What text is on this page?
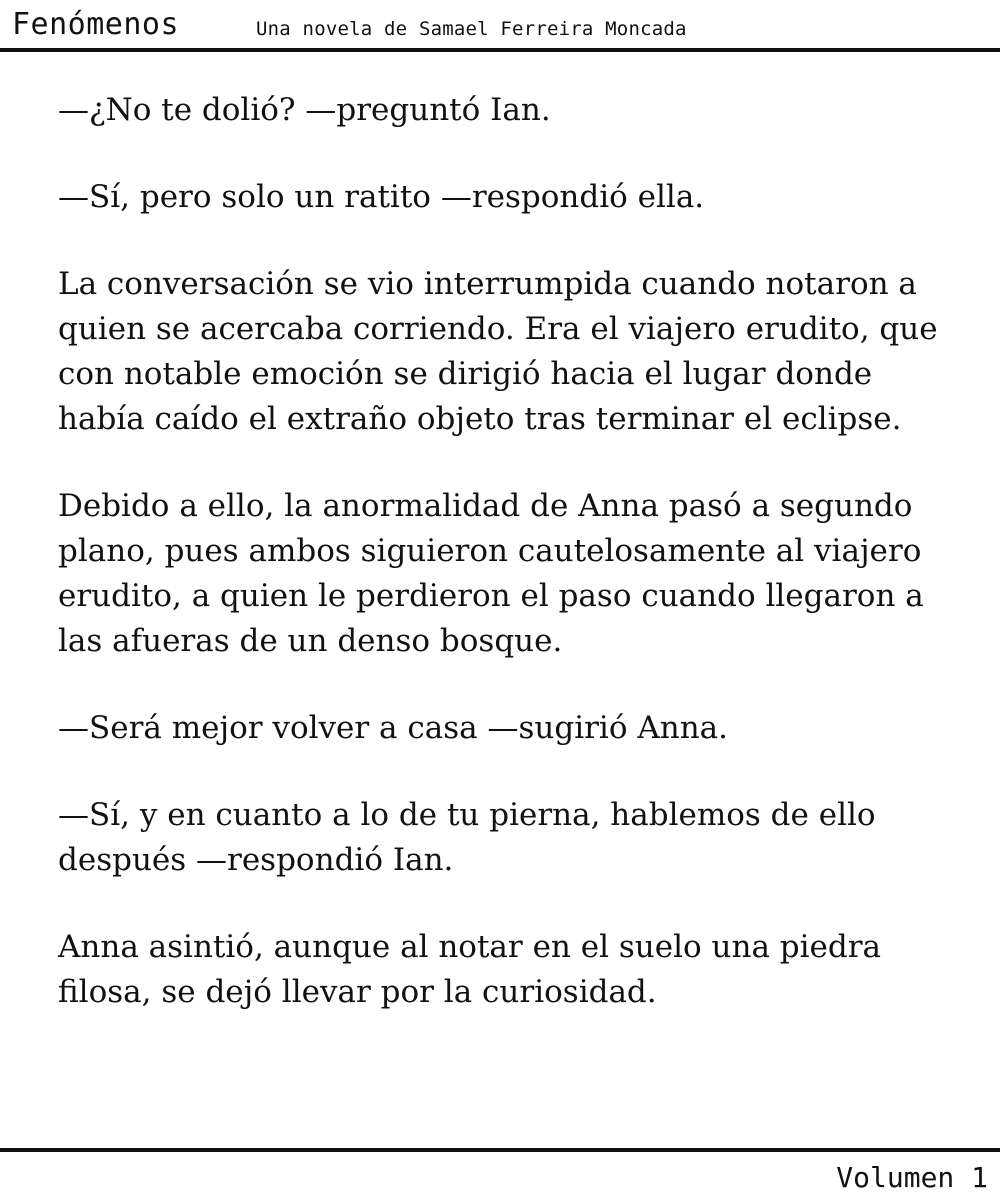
Fenómenos	Una novela de Samael Ferreira Moncada

—¿No te dolió? —preguntó Ian.

—Sí, pero solo un ratito —respondió ella.

La conversación se vio interrumpida cuando notaron a quien se acercaba corriendo. Era el viajero erudito, que con notable emoción se dirigió hacia el lugar donde había caído el extraño objeto tras terminar el eclipse.

Debido a ello, la anormalidad de Anna pasó a segundo plano, pues ambos siguieron cautelosamente al viajero erudito, a quien le perdieron el paso cuando llegaron a las afueras de un denso bosque.

—Será mejor volver a casa —sugirió Anna.

—Sí, y en cuanto a lo de tu pierna, hablemos de ello después —respondió Ian.

Anna asintió, aunque al notar en el suelo una piedra filosa, se dejó llevar por la curiosidad.

Volumen 1
